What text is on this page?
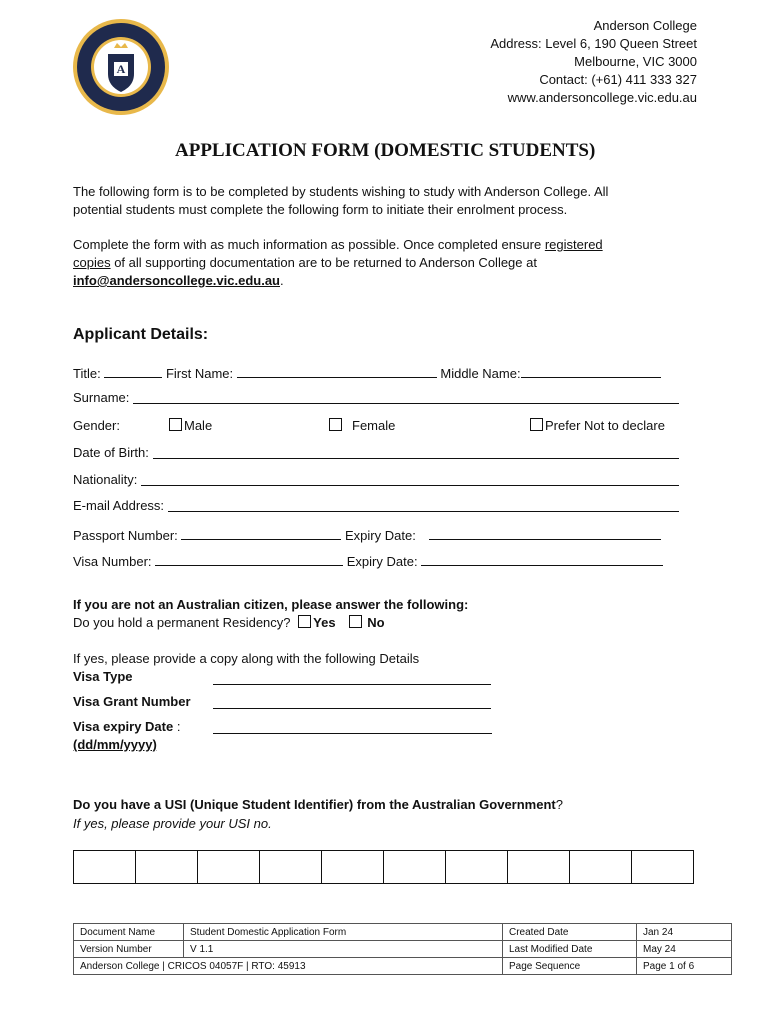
A
Anderson College
Address: Level 6, 190 Queen Street
Melbourne, VIC 3000
Contact: (+61) 411 333 327
www.andersoncollege.vic.edu.au
APPLICATION FORM (DOMESTIC STUDENTS)
The following form is to be completed by students wishing to study with Anderson College. All
potential students must complete the following form to initiate their enrolment process.
Complete the form with as much information as possible. Once completed ensure registered
copies of all supporting documentation are to be returned to Anderson College at
info@andersoncollege.vic.edu.au.
Applicant Details:
Title:	First Name:	Middle Name:
Surname:
Gender:	Male	Female	Prefer Not to declare
Date of Birth:
Nationality:
E-mail Address:
Passport Number:	Expiry Date:
Visa Number:	Expiry Date:
If you are not an Australian citizen, please answer the following:
Do you hold a permanent Residency? Yes No
If yes, please provide a copy along with the following Details
Visa Type
Visa Grant Number
Visa expiry Date :
(dd/mm/yyyy)
Do you have a USI (Unique Student Identifier) from the Australian Government?
If yes, please provide your USI no.

Document Name	Student Domestic Application Form	Created Date	Jan 24
Version Number	V 1.1	Last Modified Date	May 24
Anderson College | CRICOS 04057F | RTO: 45913		Page Sequence	Page 1 of 6
